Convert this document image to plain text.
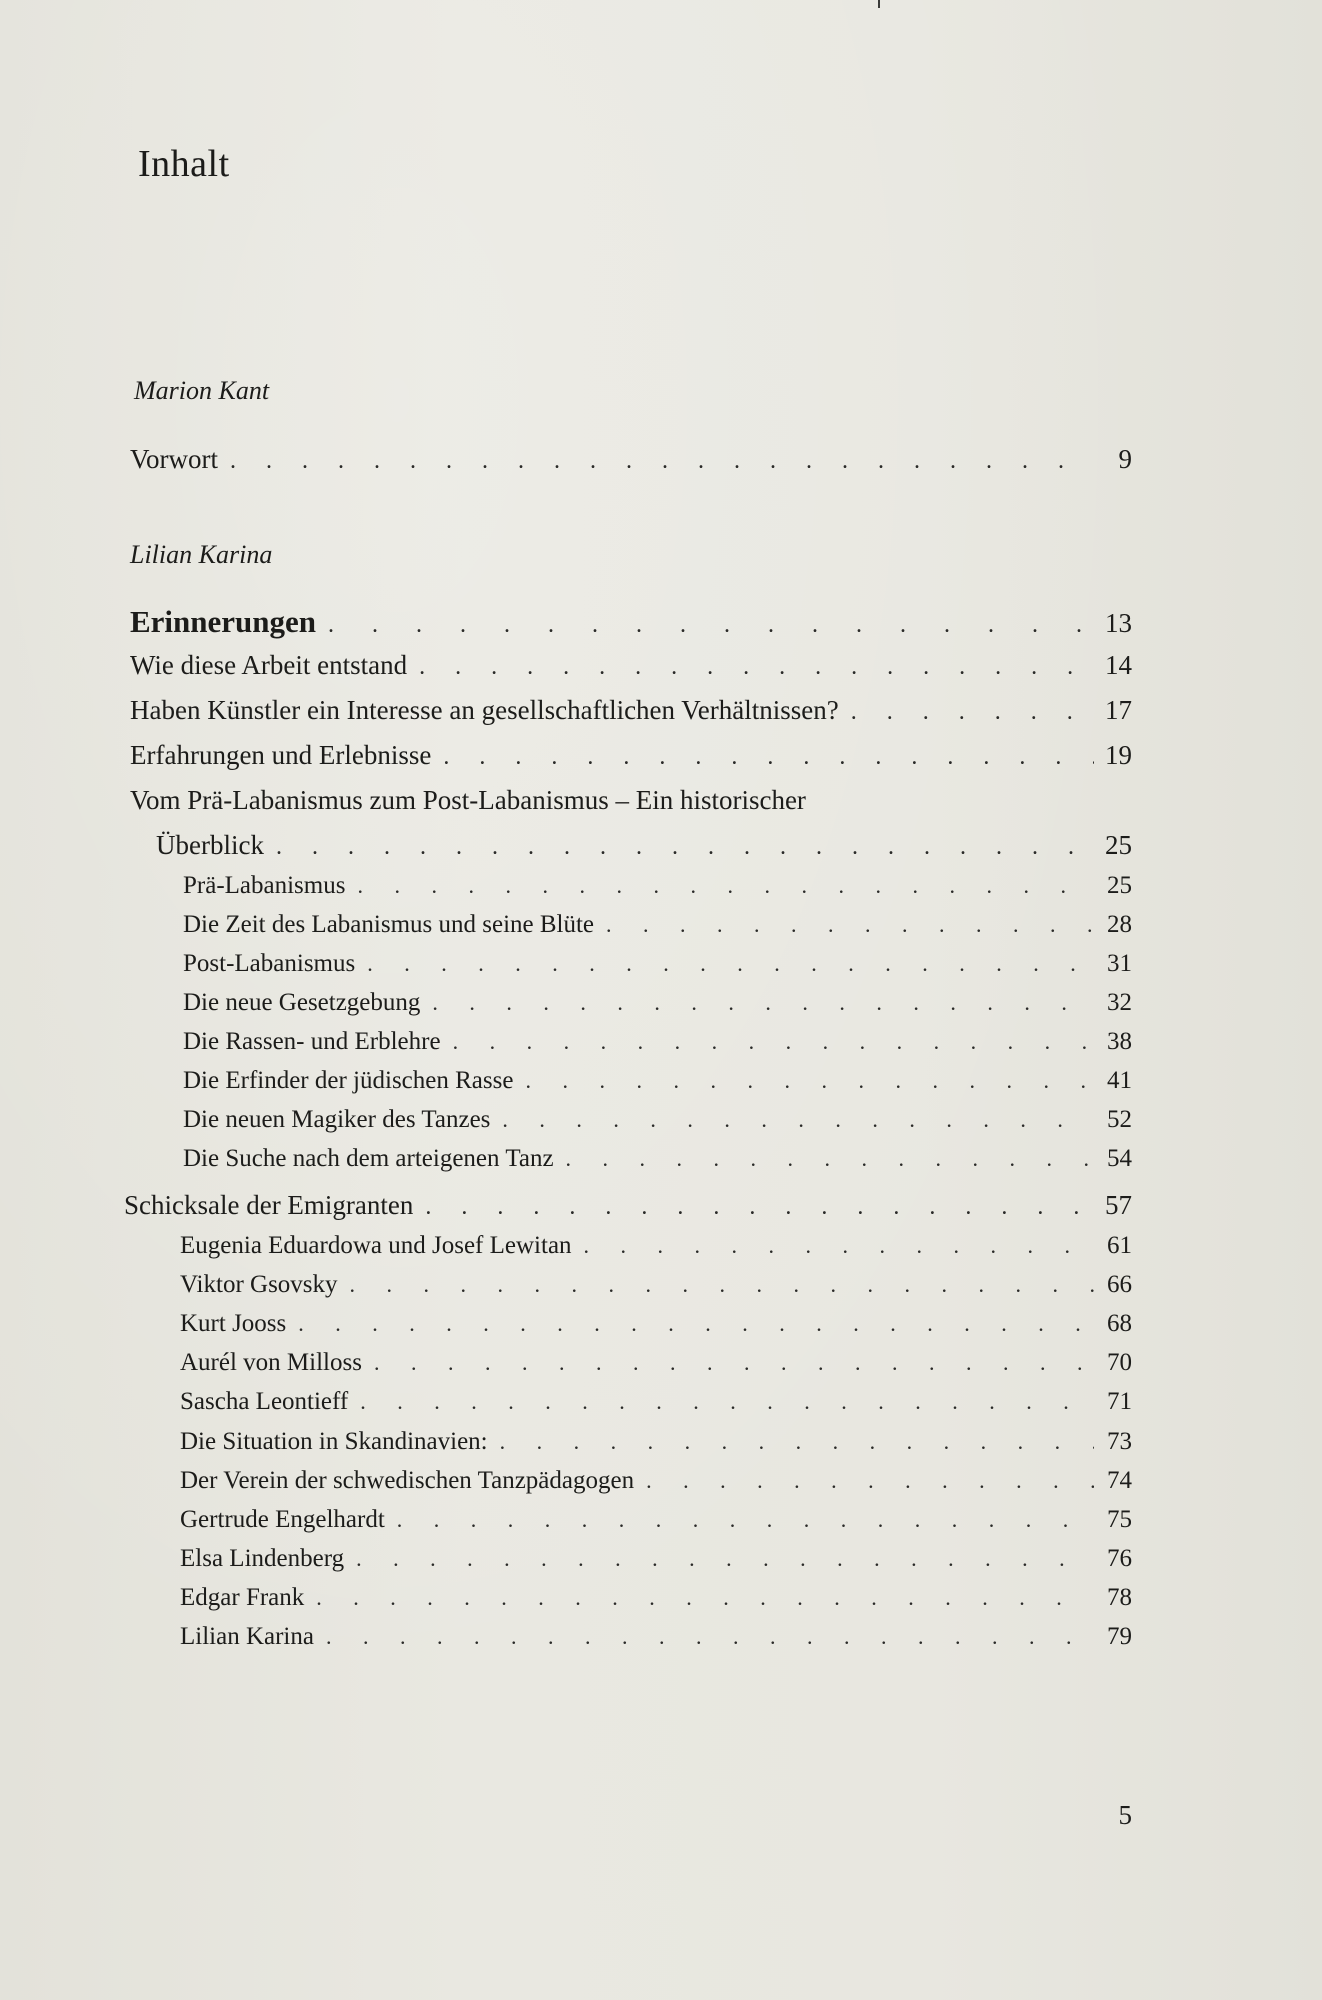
Inhalt
Marion Kant
Vorwort . . .	9
Lilian Karina
Erinnerungen . . .	13
Wie diese Arbeit entstand . . .	14
Haben Künstler ein Interesse an gesellschaftlichen Verhältnissen? . . .	17
Erfahrungen und Erlebnisse . . .	19
Vom Prä-Labanismus zum Post-Labanismus – Ein historischer
Überblick . . .	25
Prä-Labanismus . . .	25
Die Zeit des Labanismus und seine Blüte . . .	28
Post-Labanismus . . .	31
Die neue Gesetzgebung . . .	32
Die Rassen- und Erblehre . . .	38
Die Erfinder der jüdischen Rasse . . .	41
Die neuen Magiker des Tanzes . . .	52
Die Suche nach dem arteigenen Tanz . . .	54
Schicksale der Emigranten . . .	57
Eugenia Eduardowa und Josef Lewitan . . .	61
Viktor Gsovsky . . .	66
Kurt Jooss . . .	68
Aurél von Milloss . . .	70
Sascha Leontieff . . .	71
Die Situation in Skandinavien: . . .	73
Der Verein der schwedischen Tanzpädagogen . . .	74
Gertrude Engelhardt . . .	75
Elsa Lindenberg . . .	76
Edgar Frank . . .	78
Lilian Karina . . .	79
5
